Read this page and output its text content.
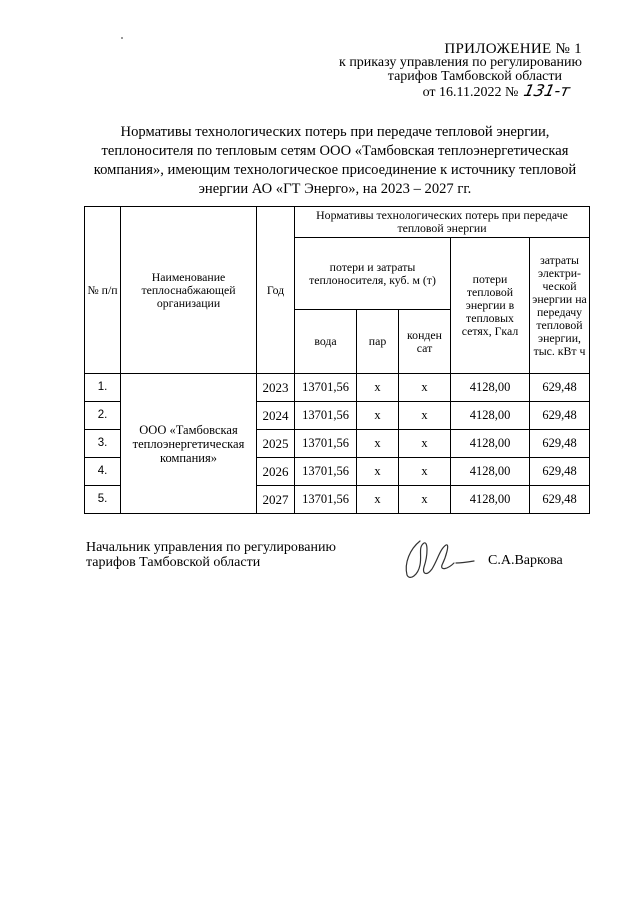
ПРИЛОЖЕНИЕ № 1
к приказу управления по регулированию
тарифов Тамбовской области
от 16.11.2022 № 131-т
Нормативы технологических потерь при передаче тепловой энергии, теплоносителя по тепловым сетям ООО «Тамбовская теплоэнергетическая компания», имеющим технологическое присоединение к источнику тепловой энергии АО «ГТ Энерго», на 2023 – 2027 гг.
№ п/п	Наименование теплоснабжающей организации	Год	Нормативы технологических потерь при передаче тепловой энергии				
			потери и затраты теплоносителя, куб. м (т)			потери тепловой энергии в тепловых сетях, Гкал	затраты электри-ческой энергии на передачу тепловой энергии, тыс. кВт ч
			вода	пар	конден сат		
1.	ООО «Тамбовская теплоэнергетическая компания»	2023	13701,56	х	х	4128,00	629,48
2.		2024	13701,56	х	х	4128,00	629,48
3.		2025	13701,56	х	х	4128,00	629,48
4.		2026	13701,56	х	х	4128,00	629,48
5.		2027	13701,56	х	х	4128,00	629,48
Начальник управления по регулированию
тарифов Тамбовской области	С.А.Варкова
